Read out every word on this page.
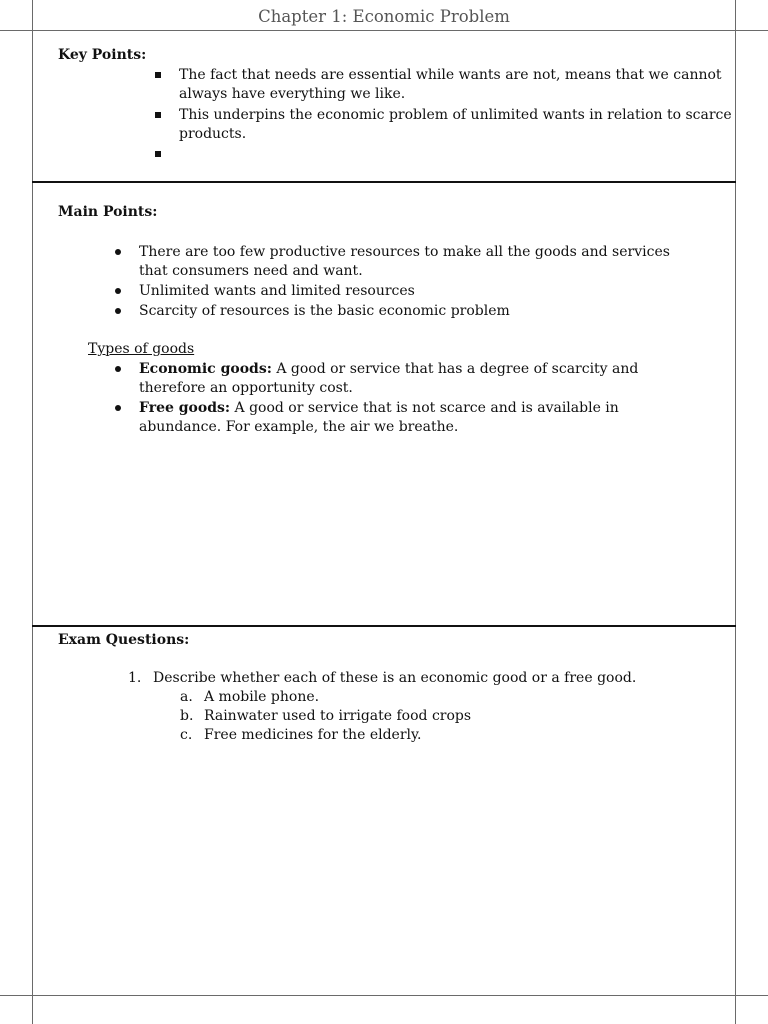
Chapter 1: Economic Problem
Key Points:
The fact that needs are essential while wants are not, means that we cannot
always have everything we like.
This underpins the economic problem of unlimited wants in relation to scarce
products.
Main Points:
There are too few productive resources to make all the goods and services
that consumers need and want.
Unlimited wants and limited resources
Scarcity of resources is the basic economic problem
Types of goods
Economic goods: A good or service that has a degree of scarcity and
therefore an opportunity cost.
Free goods: A good or service that is not scarce and is available in
abundance. For example, the air we breathe.
Exam Questions:
1. Describe whether each of these is an economic good or a free good.
a. A mobile phone.
b. Rainwater used to irrigate food crops
c. Free medicines for the elderly.
